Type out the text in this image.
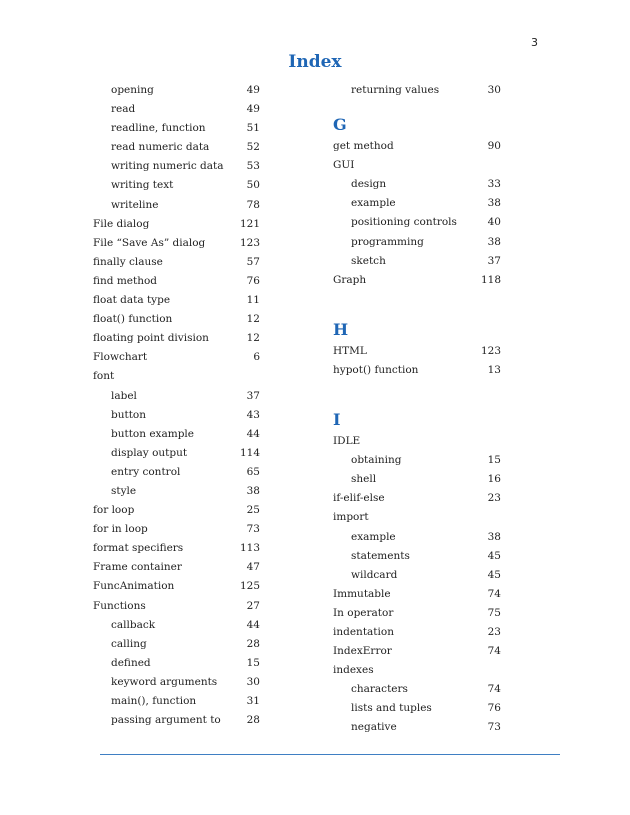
3
Index
opening	49
read	49
readline, function	51
read numeric data	52
writing numeric data 53
writing text	50
writeline	78
File dialog	121
File “Save As” dialog	123
finally clause	57
find method	76
float data type	11
float() function	12
floating point division	12
Flowchart	6
font
label	37
button	43
button example	44
display output	114
entry control	65
style	38
for loop	25
for in loop	73
format specifiers	113
Frame container	47
FuncAnimation	125
Functions	27
callback	44
calling	28
defined	15
keyword arguments	30
main(), function	31
passing argument to 28
returning values	30
G
get method	90
GUI
design	33
example	38
positioning controls	40
programming	38
sketch	37
Graph	118
H
HTML	123
hypot() function	13
I
IDLE
obtaining	15
shell	16
if-elif-else	23
import
example	38
statements	45
wildcard	45
Immutable	74
In operator	75
indentation	23
IndexError	74
indexes
characters	74
lists and tuples	76
negative	73
